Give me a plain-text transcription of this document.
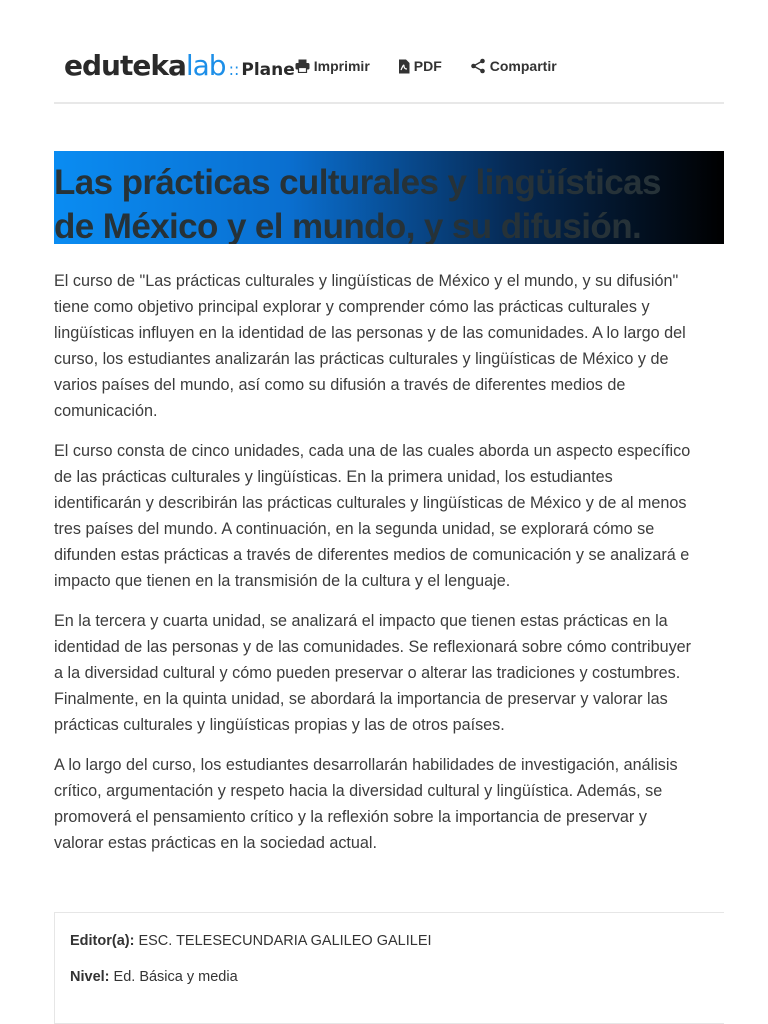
eduteka lab :: Plane Imprimir	PDF	Compartir
Las prácticas culturales y lingüísticas
de México y el mundo, y su difusión.

El curso de "Las prácticas culturales y lingüísticas de México y el mundo, y su difusión"
tiene como objetivo principal explorar y comprender cómo las prácticas culturales y
lingüísticas influyen en la identidad de las personas y de las comunidades. A lo largo del
curso, los estudiantes analizarán las prácticas culturales y lingüísticas de México y de
varios países del mundo, así como su difusión a través de diferentes medios de
comunicación.

El curso consta de cinco unidades, cada una de las cuales aborda un aspecto específico
de las prácticas culturales y lingüísticas. En la primera unidad, los estudiantes
identificarán y describirán las prácticas culturales y lingüísticas de México y de al menos
tres países del mundo. A continuación, en la segunda unidad, se explorará cómo se
difunden estas prácticas a través de diferentes medios de comunicación y se analizará e
impacto que tienen en la transmisión de la cultura y el lenguaje.

En la tercera y cuarta unidad, se analizará el impacto que tienen estas prácticas en la
identidad de las personas y de las comunidades. Se reflexionará sobre cómo contribuyer
a la diversidad cultural y cómo pueden preservar o alterar las tradiciones y costumbres.
Finalmente, en la quinta unidad, se abordará la importancia de preservar y valorar las
prácticas culturales y lingüísticas propias y las de otros países.

A lo largo del curso, los estudiantes desarrollarán habilidades de investigación, análisis
crítico, argumentación y respeto hacia la diversidad cultural y lingüística. Además, se
promoverá el pensamiento crítico y la reflexión sobre la importancia de preservar y
valorar estas prácticas en la sociedad actual.

Editor(a): ESC. TELESECUNDARIA GALILEO GALILEI
Nivel: Ed. Básica y media
